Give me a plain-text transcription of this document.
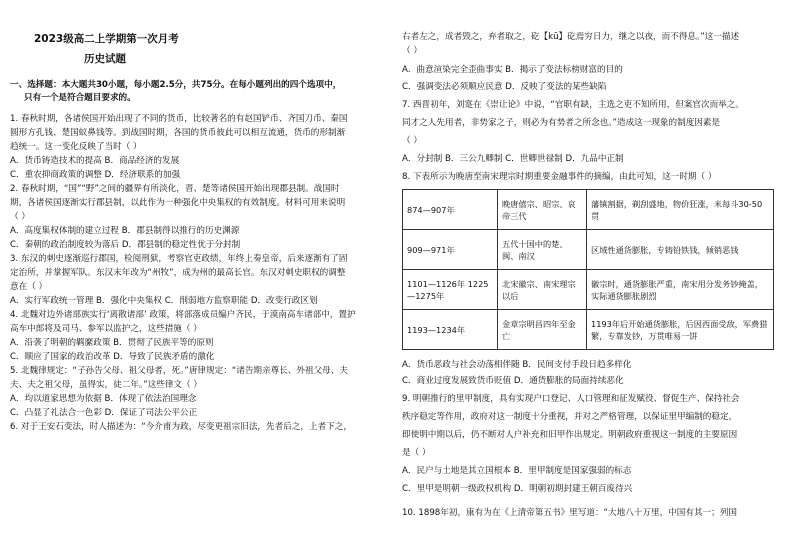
2023级高二上学期第一次月考
历史试题
一、选择题：本大题共30小题，每小题2.5分，共75分。在每小题列出的四个选项中，
只有一个是符合题目要求的。
1. 春秋时期，各诸侯国开始出现了不同的货币，比较著名的有赵国铲币、齐国刀币、秦国
圆形方孔钱、楚国蚁鼻钱等。到战国时期，各国的货币彼此可以相互流通，货币的形制渐
趋统一。这一变化反映了当时（ ）
A．货币铸造技术的提高 B．商品经济的发展
C．重农抑商政策的调整 D．经济联系的加强
2. 春秋时期，“国”“野”之间的疆界有所淡化，晋、楚等诸侯国开始出现郡县制。战国时
期，各诸侯国逐渐实行郡县制，以此作为一种强化中央集权的有效制度。材料可用来说明
（ ）
A．高度集权体制的建立过程 B．郡县制得以推行的历史渊源
C．秦朝的政治制度较为落后 D．郡县制的稳定性优于分封制
3. 东汉的刺史逐渐巡行郡国，检阅刑狱，考察官吏政绩，年终上奏皇帝，后来逐渐有了固
定治所，并掌握军队。东汉末年改为“州牧”，成为州的最高长官。东汉对刺史职权的调整
意在（ ）
A．实行军政统一管理 B．强化中央集权 C．削弱地方监察职能 D．改变行政区划
4. 北魏对边外诸部族实行‘离散诸部’ 政策，将部落成员编户齐民，于漠南高车诸部中，置护
高车中郎将及司马、参军以监护之，这些措施（ ）
A．沿袭了明朝的羁縻政策 B．贯彻了民族平等的原则
C．顺应了国家的政治改革 D．导致了民族矛盾的激化
5. 北魏律规定：“子孙告父母、祖父母者，死。”唐律规定：“诸告期亲尊长、外祖父母、夫
夫、夫之祖父母，虽得实，徒二年。”这些律文（ ）
A．均以道家思想为依据 B．体现了依法治国理念
C．凸显了礼法合一色彩 D．保证了司法公平公正
6. 对于王安石变法，时人描述为：“今介甫为政，尽变更祖宗旧法，先者后之，上者下之，
右者左之，成者毁之，弃者取之，矻【kū】矻焉穷日力，继之以夜，而不得息。”这一描述
（ ）
A．曲意渲染完全歪曲事实 B．揭示了变法标榜财富的目的
C．强调变法必须顺应民意 D．反映了变法的某些缺陷
7. 西晋初年，刘寔在《崇让论》中说，“官职有缺，主选之吏不知所用，但案官次而举之。
同才之人先用者，非势家之子，则必为有势者之所念也。”造成这一现象的制度因素是
（ ）
A．分封制 B．三公九卿制 C．世卿世禄制 D．九品中正制
8. 下表所示为晚唐至南宋理宗时期重要金融事件的摘编，由此可知，这一时期（ ）
874—907年	晚唐僖宗、昭宗、哀帝三代	藩镇割据，剃刮盛地，物价狂涨，米每斗30-50贯
909—971年	五代十国中的楚、闽、南汉	区域性通货膨胀，专铸铅铁钱，倾销恶钱
1101—1126年 1225—1275年	北宋徽宗、南宋理宗以后	徽宗时，通货膨胀严重，南宋用分发务钞掩盖，实际通货膨胀剧烈
1193—1234年	金章宗明昌四年至金亡	1193年后开始通货膨胀，后因西面受敌，军费猎繁，专靠发钞，万贯唯易一饼
A．货币恶政与社会动荡相伴随 B．民间支付手段日趋多样化
C．商业过度发展致货币贬值 D．通货膨胀的局面持续恶化
9. 明朝推行的里甲制度，具有实现户口登记、人口管理和征发赋役、督促生产、保持社会
秩序稳定等作用，政府对这一制度十分重视，并对之严格管理，以保证里甲编制的稳定，
即使明中期以后，仍不断对人户补充和旧甲作出规定。明朝政府重视这一制度的主要原因
是（ ）
A．民户与土地是其立国根本 B．里甲制度是国家强弱的标志
C．里甲是明朝一级政权机构 D．明朝初期封建王朝百废待兴
10. 1898年初，康有为在《上清帝第五书》里写道：“大地八十万里，中国有其一；列国
